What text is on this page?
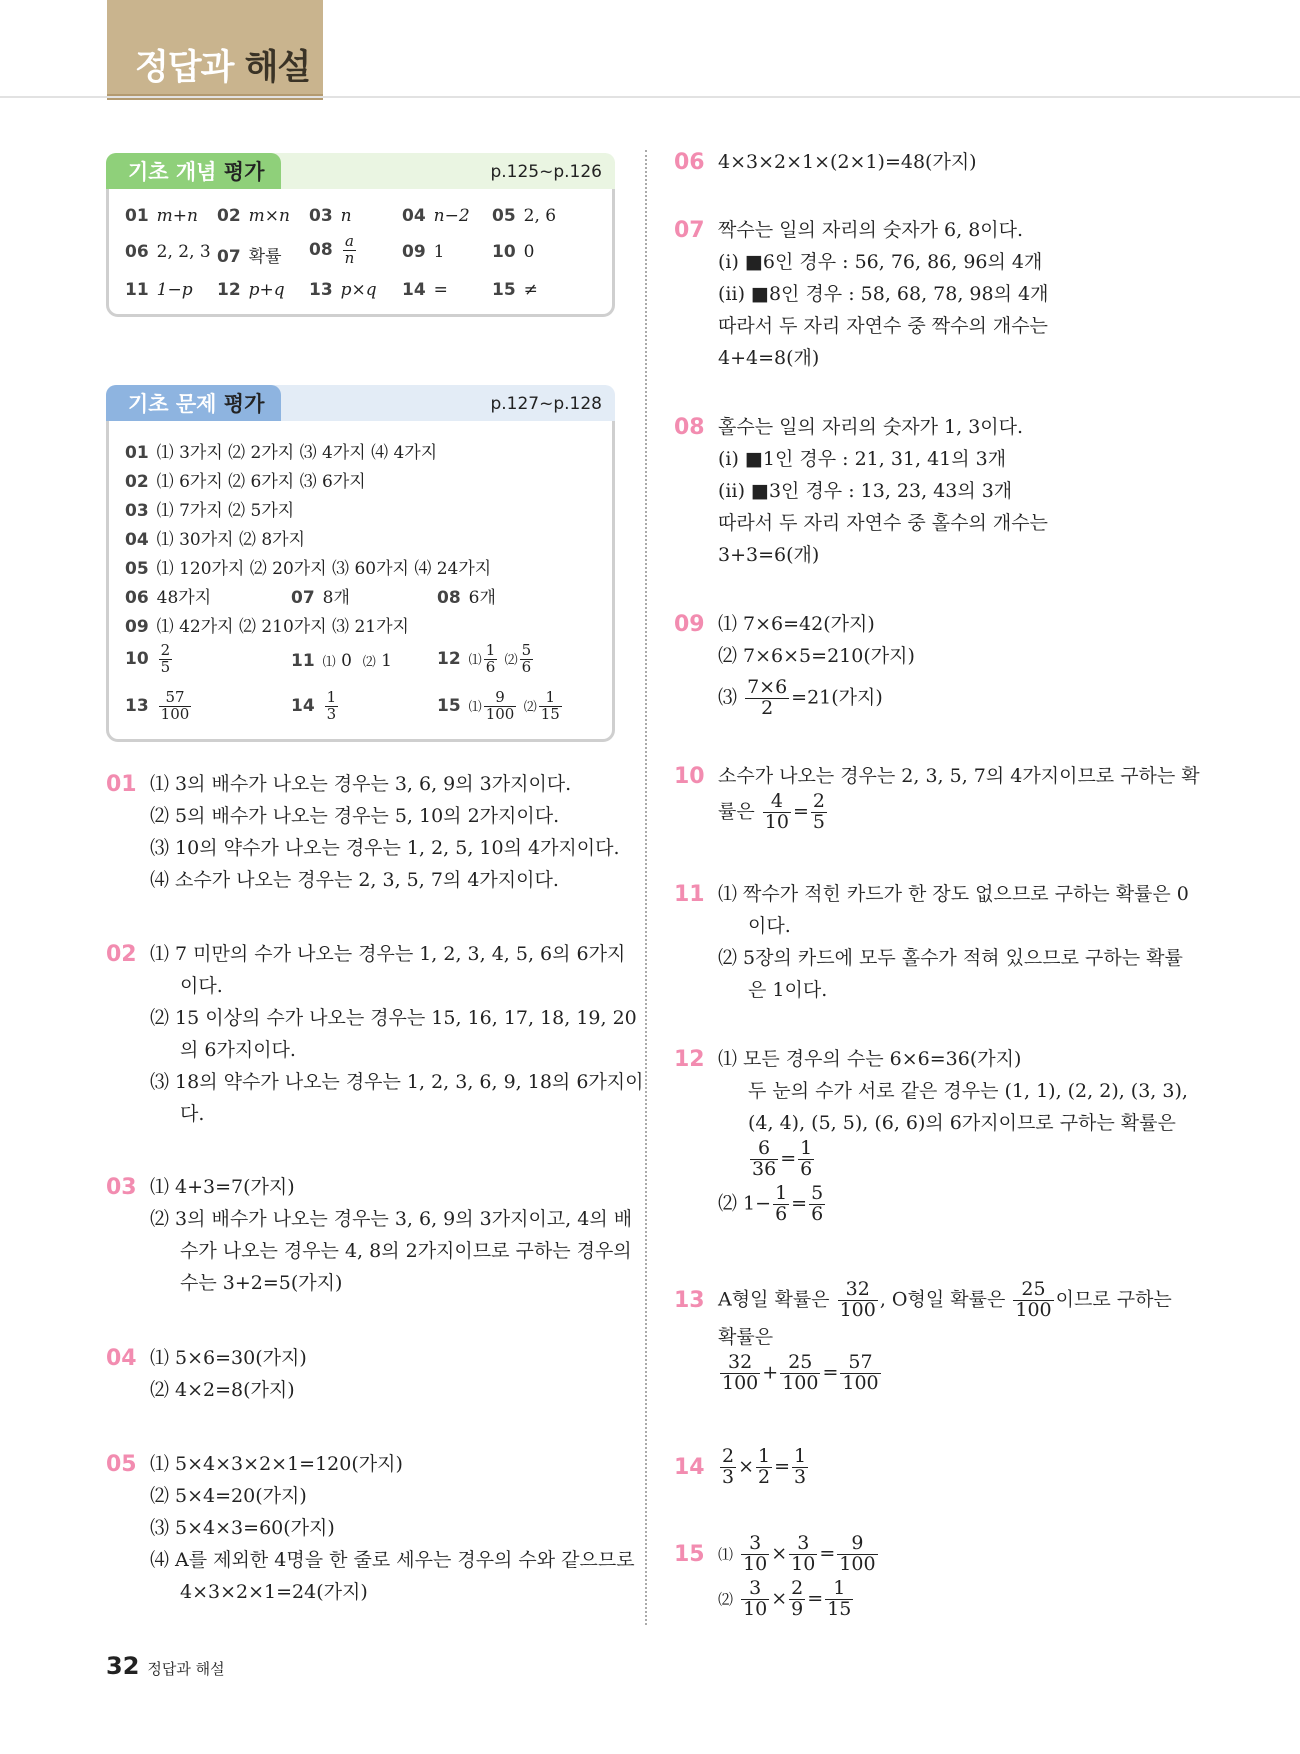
정답과 해설
기초 개념 평가	p.125~p.126
01 m+n 02 m×n 03 n	04 n−2 05 2, 6
06 2, 2, 3 07 확률 $08 \frac{a}{n}$	09 1	10 0
11 1−p 12 p+q 13 p×q 14 =	15 ≠
기초 문제 평가	p.127~p.128
01 ⑴ 3가지 ⑵ 2가지 ⑶ 4가지 ⑷ 4가지
02 ⑴ 6가지 ⑵ 6가지 ⑶ 6가지
03 ⑴ 7가지 ⑵ 5가지
04 ⑴ 30가지 ⑵ 8가지
05 ⑴ 120가지 ⑵ 20가지 ⑶ 60가지 ⑷ 24가지
06 48가지	07 8개	08 6개
09 ⑴ 42가지 ⑵ 210가지 ⑶ 21가지
$10 \frac{2}{5}$	11 ⑴ 0 ⑵ 1	12 ⑴ $\frac{1}{6}$ ⑵ $\frac{5}{6}$
$13 \frac{57}{100}$	$14 \frac{1}{3}$	15 ⑴ $\frac{9}{100}$ ⑵ $\frac{1}{15}$
01 ⑴ 3의 배수가 나오는 경우는 3, 6, 9의 3가지이다.
⑵ 5의 배수가 나오는 경우는 5, 10의 2가지이다.
⑶ 10의 약수가 나오는 경우는 1, 2, 5, 10의 4가지이다.
⑷ 소수가 나오는 경우는 2, 3, 5, 7의 4가지이다.
02 ⑴ 7 미만의 수가 나오는 경우는 1, 2, 3, 4, 5, 6의 6가지
이다.
⑵ 15 이상의 수가 나오는 경우는 15, 16, 17, 18, 19, 20
의 6가지이다.
⑶ 18의 약수가 나오는 경우는 1, 2, 3, 6, 9, 18의 6가지이
다.
03 ⑴ 4+3=7(가지)
⑵ 3의 배수가 나오는 경우는 3, 6, 9의 3가지이고, 4의 배
수가 나오는 경우는 4, 8의 2가지이므로 구하는 경우의
수는 3+2=5(가지)
04 ⑴ 5×6=30(가지)
⑵ 4×2=8(가지)
05 ⑴ 5×4×3×2×1=120(가지)
⑵ 5×4=20(가지)
⑶ 5×4×3=60(가지)
⑷ A를 제외한 4명을 한 줄로 세우는 경우의 수와 같으므로
4×3×2×1=24(가지)
06 4×3×2×1×(2×1)=48(가지)
07 짝수는 일의 자리의 숫자가 6, 8이다.
(ⅰ) ■6인 경우 : 56, 76, 86, 96의 4개
(ⅱ) ■8인 경우 : 58, 68, 78, 98의 4개
따라서 두 자리 자연수 중 짝수의 개수는
4+4=8(개)
08 홀수는 일의 자리의 숫자가 1, 3이다.
(ⅰ) ■1인 경우 : 21, 31, 41의 3개
(ⅱ) ■3인 경우 : 13, 23, 43의 3개
따라서 두 자리 자연수 중 홀수의 개수는
3+3=6(개)
09 ⑴ 7×6=42(가지)
⑵ 7×6×5=210(가지)
⑶ $\frac{7\times 6}{2} =21$(가지)
10 소수가 나오는 경우는 2, 3, 5, 7의 4가지이므로 구하는 확
률은 $\frac{4}{10} = \frac{2}{5}$
11 ⑴ 짝수가 적힌 카드가 한 장도 없으므로 구하는 확률은 0
이다.
⑵ 5장의 카드에 모두 홀수가 적혀 있으므로 구하는 확률
은 1이다.
12 ⑴ 모든 경우의 수는 6×6=36(가지)
두 눈의 수가 서로 같은 경우는 (1, 1), (2, 2), (3, 3),
(4, 4), (5, 5), (6, 6)의 6가지이므로 구하는 확률은
$\frac{6}{36} = \frac{1}{6}$
⑵ $1- \frac{1}{6} = \frac{5}{6}$
13 A형일 확률은 $\frac{32}{100}$ , O형일 확률은 $\frac{25}{100}$ 이므로 구하는
확률은
$\frac{32}{100} + \frac{25}{100} = \frac{57}{100}$
$14 \frac{2}{3} \times \frac{1}{2} = \frac{1}{3}$
15 ⑴ $\frac{3}{10} \times \frac{3}{10} = \frac{9}{100}$
⑵ $\frac{3}{10} \times \frac{2}{9} = \frac{1}{15}$
32 정답과 해설
